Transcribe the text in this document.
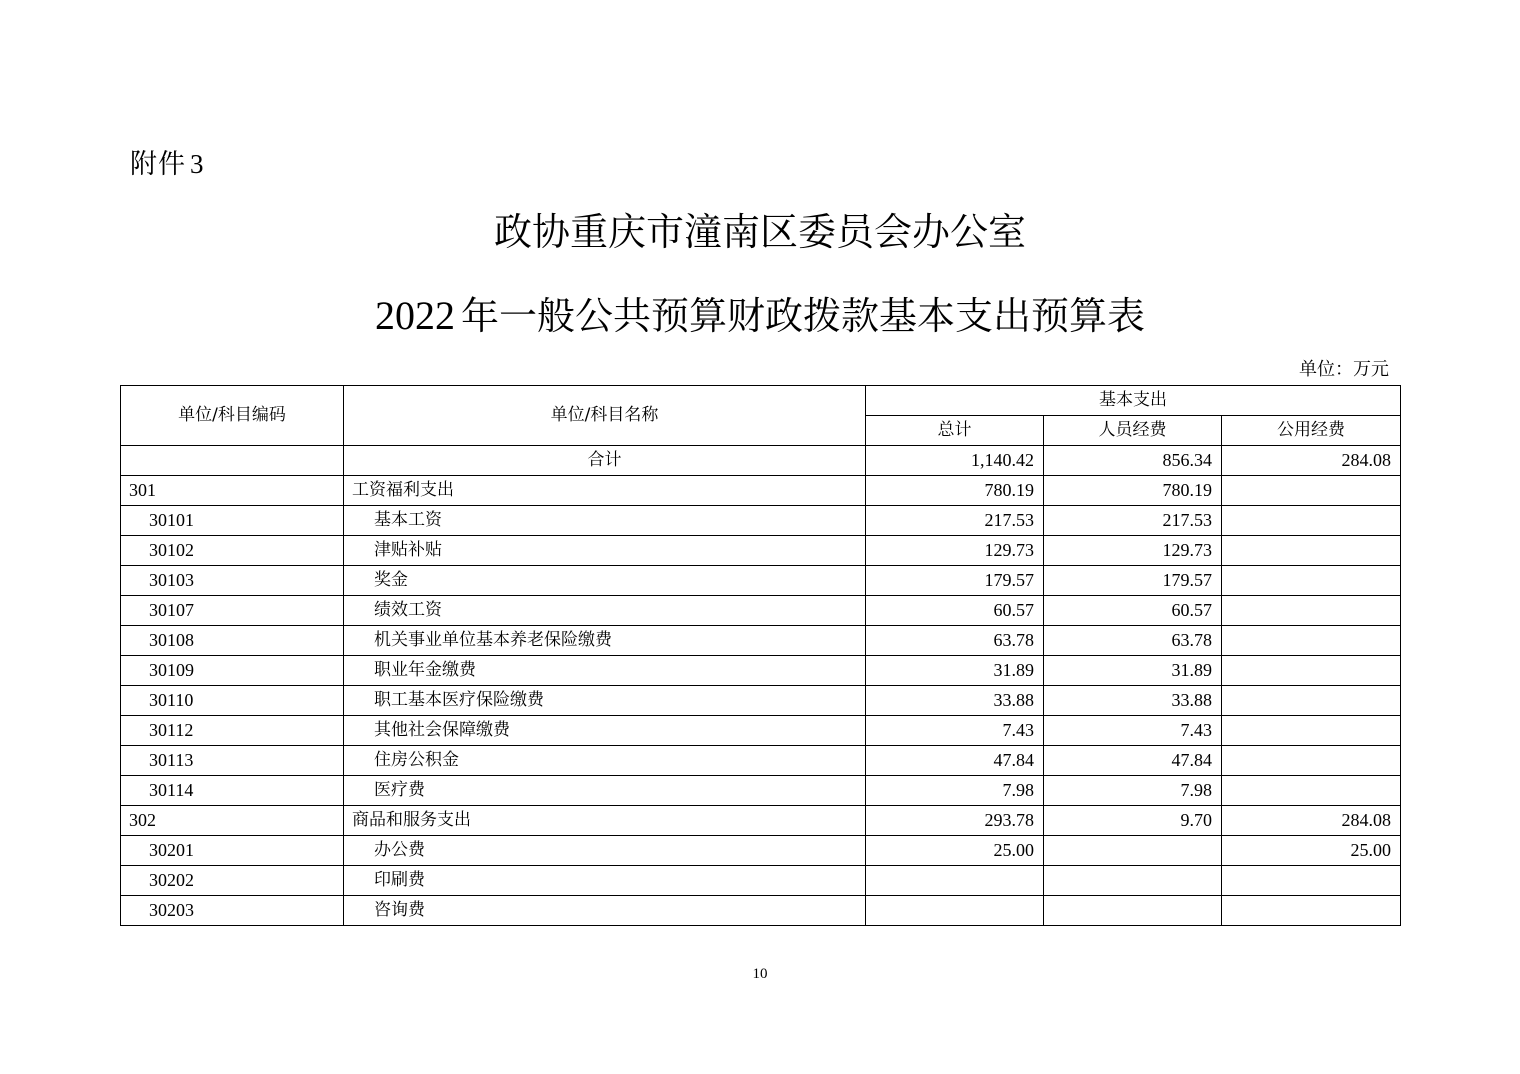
附件 3
政协重庆市潼南区委员会办公室
2022 年一般公共预算财政拨款基本支出预算表
单位：万元
单位/科目编码	单位/科目名称	基本支出		
		总计	人员经费	公用经费
	合计	1,140.42	856.34	284.08
301	工资福利支出	780.19	780.19	
30101	基本工资	217.53	217.53	
30102	津贴补贴	129.73	129.73	
30103	奖金	179.57	179.57	
30107	绩效工资	60.57	60.57	
30108	机关事业单位基本养老保险缴费	63.78	63.78	
30109	职业年金缴费	31.89	31.89	
30110	职工基本医疗保险缴费	33.88	33.88	
30112	其他社会保障缴费	7.43	7.43	
30113	住房公积金	47.84	47.84	
30114	医疗费	7.98	7.98	
302	商品和服务支出	293.78	9.70	284.08
30201	办公费	25.00		25.00
30202	印刷费			
30203	咨询费			
10
